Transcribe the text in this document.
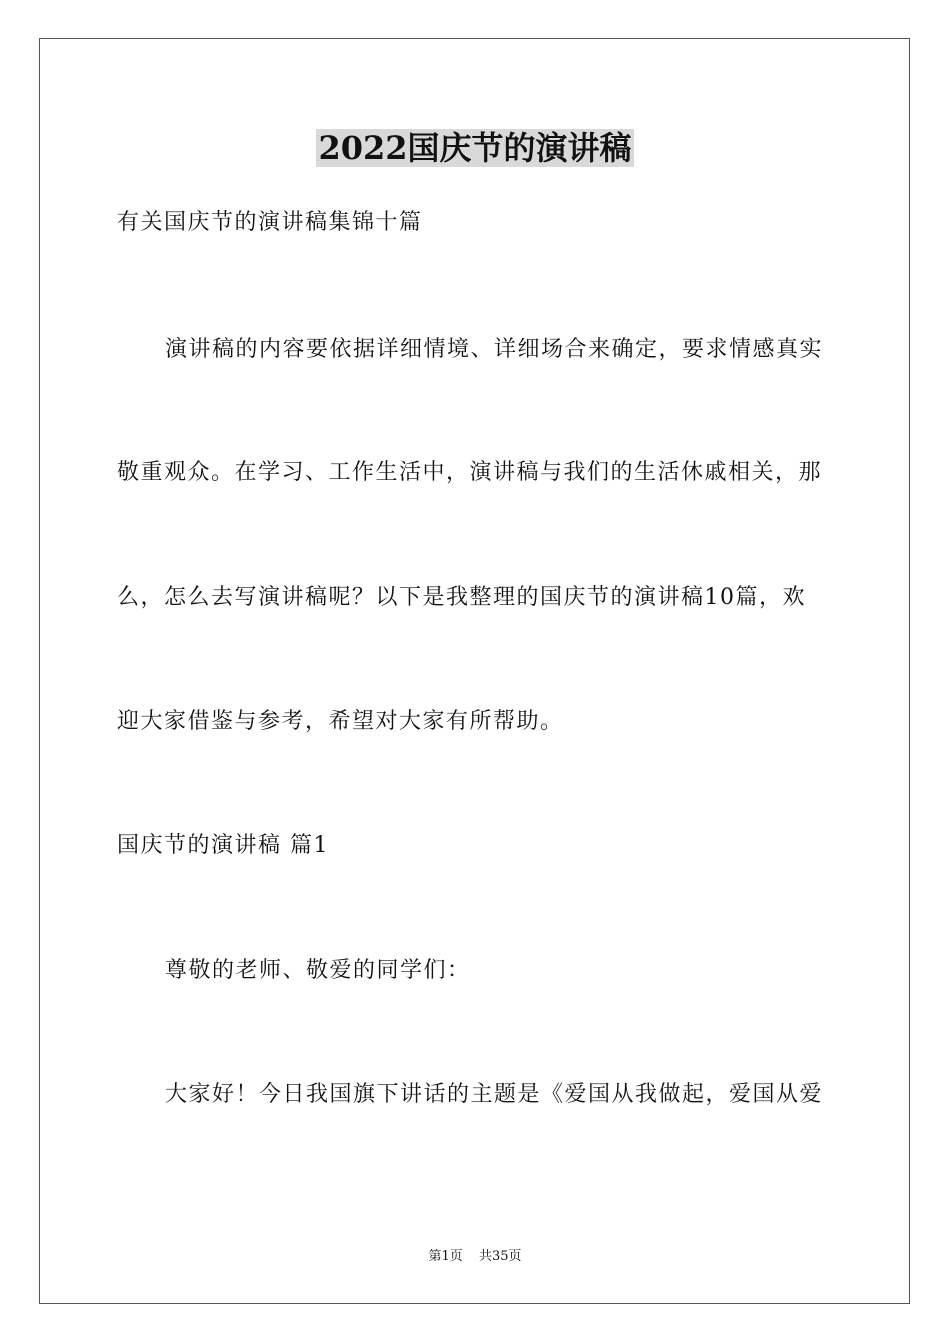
2022国庆节的演讲稿
有关国庆节的演讲稿集锦十篇
演讲稿的内容要依据详细情境、详细场合来确定，要求情感真实
敬重观众。在学习、工作生活中，演讲稿与我们的生活休戚相关，那
么，怎么去写演讲稿呢？以下是我整理的国庆节的演讲稿10篇，欢
迎大家借鉴与参考，希望对大家有所帮助。
国庆节的演讲稿 篇1
尊敬的老师、敬爱的同学们：
大家好！今日我国旗下讲话的主题是《爱国从我做起，爱国从爱
第1页 共35页
